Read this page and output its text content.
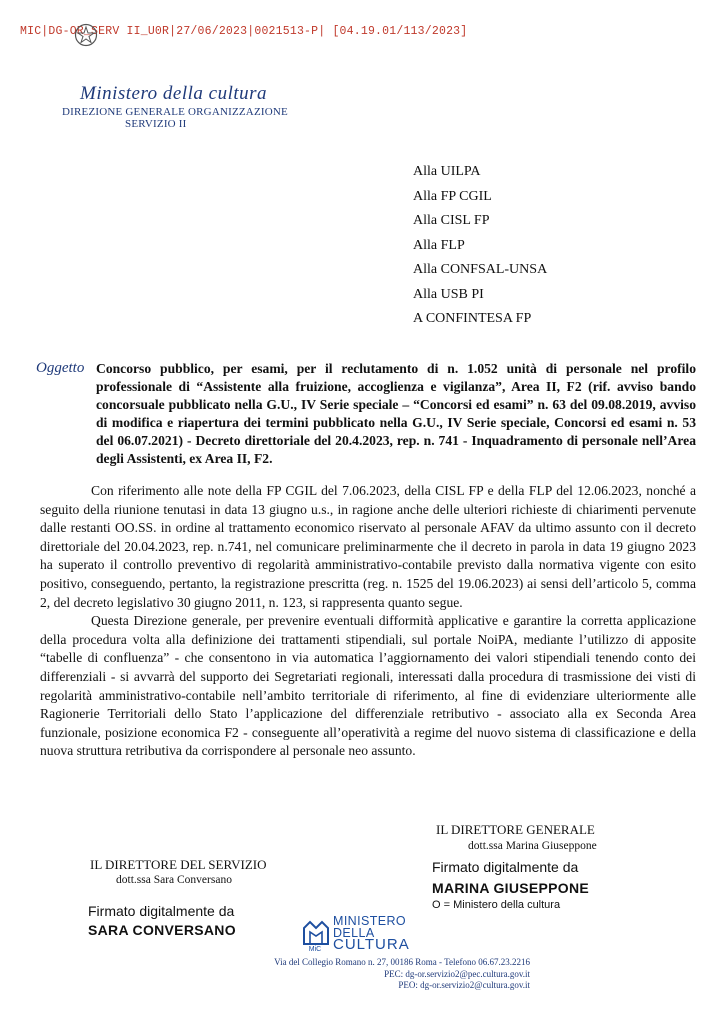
MIC|DG-OR_SERV II_U0R|27/06/2023|0021513-P| [04.19.01/113/2023]
Ministero della cultura
DIREZIONE GENERALE ORGANIZZAZIONE
SERVIZIO II
Alla UILPA
Alla FP CGIL
Alla CISL FP
Alla FLP
Alla CONFSAL-UNSA
Alla USB PI
A CONFINTESA FP
Oggetto Concorso pubblico, per esami, per il reclutamento di n. 1.052 unità di personale nel profilo professionale di “Assistente alla fruizione, accoglienza e vigilanza”, Area II, F2 (rif. avviso bando concorsuale pubblicato nella G.U., IV Serie speciale – “Concorsi ed esami” n. 63 del 09.08.2019, avviso di modifica e riapertura dei termini pubblicato nella G.U., IV Serie speciale, Concorsi ed esami n. 53 del 06.07.2021) - Decreto direttoriale del 20.4.2023, rep. n. 741 - Inquadramento di personale nell’Area degli Assistenti, ex Area II, F2.

Con riferimento alle note della FP CGIL del 7.06.2023, della CISL FP e della FLP del 12.06.2023, nonché a seguito della riunione tenutasi in data 13 giugno u.s., in ragione anche delle ulteriori richieste di chiarimenti pervenute dalle restanti OO.SS. in ordine al trattamento economico riservato al personale AFAV da ultimo assunto con il decreto direttoriale del 20.04.2023, rep. n.741, nel comunicare preliminarmente che il decreto in parola in data 19 giugno 2023 ha superato il controllo preventivo di regolarità amministrativo-contabile previsto dalla normativa vigente con esito positivo, conseguendo, pertanto, la registrazione prescritta (reg. n. 1525 del 19.06.2023) ai sensi dell’articolo 5, comma 2, del decreto legislativo 30 giugno 2011, n. 123, si rappresenta quanto segue.

Questa Direzione generale, per prevenire eventuali difformità applicative e garantire la corretta applicazione della procedura volta alla definizione dei trattamenti stipendiali, sul portale NoiPA, mediante l’utilizzo di apposite “tabelle di confluenza” - che consentono in via automatica l’aggiornamento dei valori stipendiali tenendo conto dei differenziali - si avvarrà del supporto dei Segretariati regionali, interessati dalla procedura di trasmissione dei visti di regolarità amministrativo-contabile nell’ambito territoriale di riferimento, al fine di evidenziare ulteriormente alle Ragionerie Territoriali dello Stato l’applicazione del differenziale retributivo - associato alla ex Seconda Area funzionale, posizione economica F2 - conseguente all’operatività a regime del nuovo sistema di classificazione e della nuova struttura retributiva da corrispondere al personale neo assunto.

IL DIRETTORE GENERALE
dott.ssa Marina Giuseppone
Firmato digitalmente da
MARINA GIUSEPPONE
O = Ministero della cultura
IL DIRETTORE DEL SERVIZIO
dott.ssa Sara Conversano
Firmato digitalmente da
SARA CONVERSANO
MiC
MINISTERO
DELLA
CULTURA
Via del Collegio Romano n. 27, 00186 Roma - Telefono 06.67.23.2216
PEC: dg-or.servizio2@pec.cultura.gov.it
PEO: dg-or.servizio2@cultura.gov.it
